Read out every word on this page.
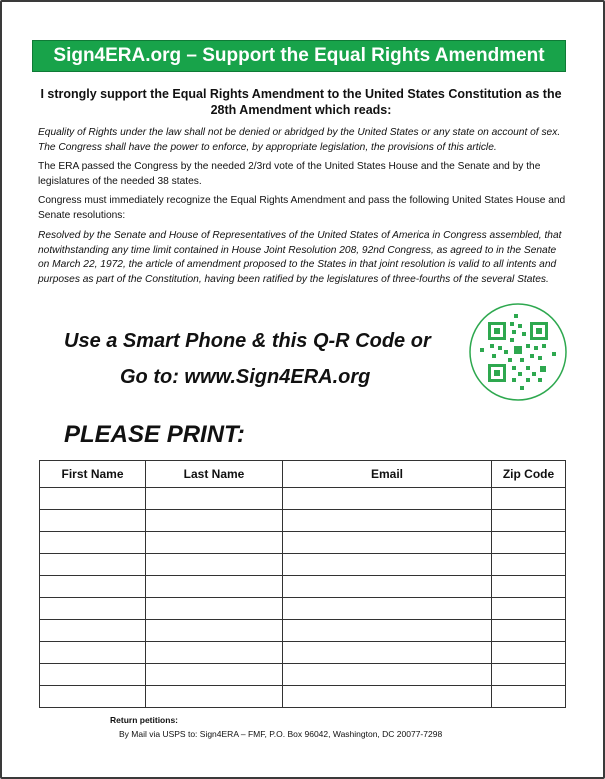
Sign4ERA.org – Support the Equal Rights Amendment
I strongly support the Equal Rights Amendment to the United States Constitution as the 28th Amendment which reads:

Equality of Rights under the law shall not be denied or abridged by the United States or any state on account of sex. The Congress shall have the power to enforce, by appropriate legislation, the provisions of this article.

The ERA passed the Congress by the needed 2/3rd vote of the United States House and the Senate and by the legislatures of the needed 38 states.

Congress must immediately recognize the Equal Rights Amendment and pass the following United States House and Senate resolutions:

Resolved by the Senate and House of Representatives of the United States of America in Congress assembled, that notwithstanding any time limit contained in House Joint Resolution 208, 92nd Congress, as agreed to in the Senate on March 22, 1972, the article of amendment proposed to the States in that joint resolution is valid to all intents and purposes as part of the Constitution, having been ratified by the legislatures of three-fourths of the several States.

Use a Smart Phone & this Q-R Code or
Go to: www.Sign4ERA.org
PLEASE PRINT:
First Name	Last Name	Email	Zip Code

Return petitions:
By Mail via USPS to: Sign4ERA – FMF, P.O. Box 96042, Washington, DC 20077-7298
